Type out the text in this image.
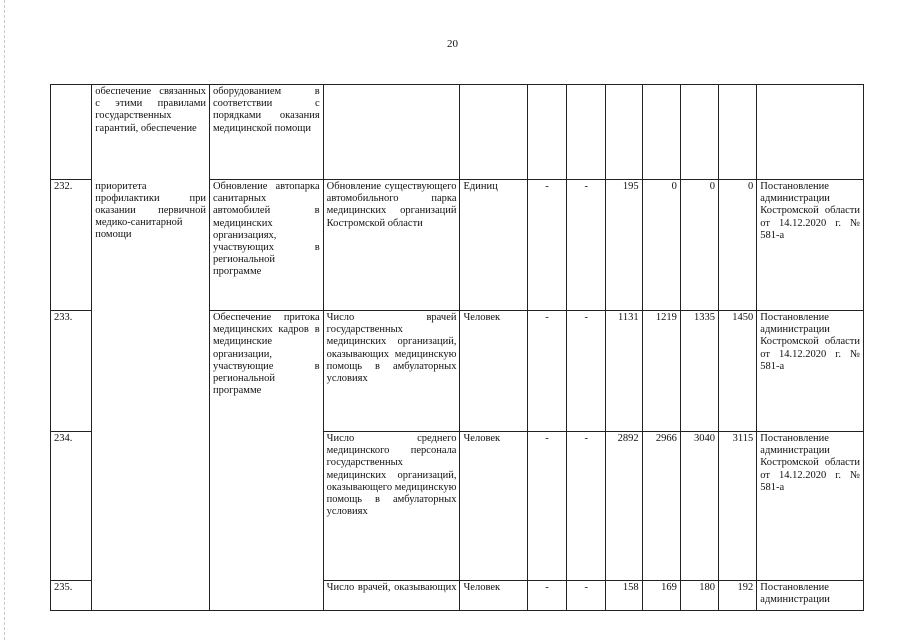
20
	обеспечение связанных с этими правилами государственных гарантий, обеспечение	оборудованием в соответствии с порядками оказания медицинской помощи									
232.	приоритета профилактики при оказании первичной медико-санитарной помощи	Обновление автопарка санитарных автомобилей в медицинских организациях, участвующих в региональной программе	Обновление существующего автомобильного парка медицинских организаций Костромской области	Единиц	-	-	195	0	0	0	Постановление администрации Костромской области от 14.12.2020 г. № 581-а
233.		Обеспечение притока медицинских кадров в медицинские организации, участвующие в региональной программе	Число врачей государственных медицинских организаций, оказывающих медицинскую помощь в амбулаторных условиях	Человек	-	-	1131	1219	1335	1450	Постановление администрации Костромской области от 14.12.2020 г. № 581-а
234.			Число среднего медицинского персонала государственных медицинских организаций, оказывающего медицинскую помощь в амбулаторных условиях	Человек	-	-	2892	2966	3040	3115	Постановление администрации Костромской области от 14.12.2020 г. № 581-а
235.			Число врачей, оказывающих	Человек	-	-	158	169	180	192	Постановление администрации
